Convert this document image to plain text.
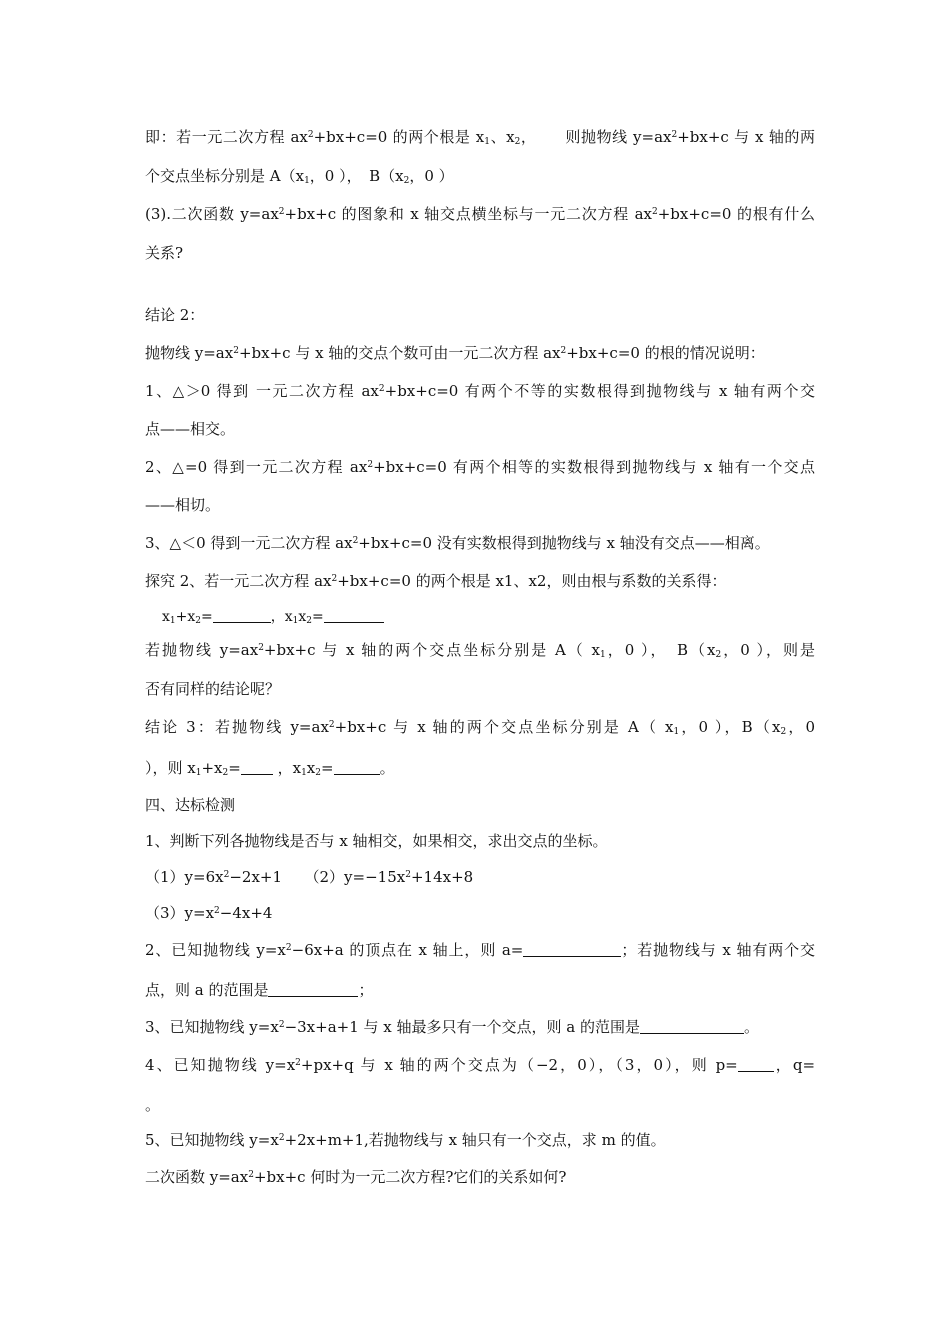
即：若一元二次方程 $ax^2+bx+c=0$ 的两个根是 $x_1$、$x_2$，　　 则抛物线 $y=ax^2+bx+c$ 与 x 轴的两
个交点坐标分别是 $A(x_1$，0 ），　$B(x_2$，0 ）
(3).二次函数 $y=ax^2+bx+c$ 的图象和 x 轴交点横坐标与一元二次方程 $ax^2+bx+c=0$ 的根有什么
关系?
结论 2：
抛物线 $y=ax^2+bx+c$ 与 x 轴的交点个数可由一元二次方程 $ax^2+bx+c=0$ 的根的情况说明：
1、△＞0 得到 一元二次方程 $ax^2+bx+c=0$ 有两个不等的实数根得到抛物线与 x 轴有两个交
点——相交。
2、△=0 得到一元二次方程 $ax^2+bx+c=0$ 有两个相等的实数根得到抛物线与 x 轴有一个交点
——相切。
3、△＜0 得到一元二次方程 $ax^2+bx+c=0$ 没有实数根得到抛物线与 x 轴没有交点——相离。
探究 2、若一元二次方程 $ax^2+bx+c=0$ 的两个根是 x1、x2，则由根与系数的关系得：
$x_1+x_2=$	，$x_1x_2=$
若抛物线 $y=ax^2+bx+c$ 与 x 轴的两个交点坐标分别是 A（ $x_1$，0 ），　$B(x_2$，0 ），则是
否有同样的结论呢？
结论 3：若抛物线 $y=ax^2+bx+c$ 与 x 轴的两个交点坐标分别是 A（ $x_1$，0 ），$B(x_2$，0
），则 $x_1+x_2=$ ，$x_1x_2=$	。
四、达标检测
1、判断下列各抛物线是否与 x 轴相交，如果相交，求出交点的坐标。
$(1)y=6x^2-2x+1$　　$(2)y=-15x^2+14x+8$
$(3)y=x^2-4x+4$
2、已知抛物线 $y=x^2-6x+a$ 的顶点在 x 轴上，则 a=	；若抛物线与 x 轴有两个交
点，则 a 的范围是	；
3、已知抛物线 $y=x^2-3x+a+1$ 与 x 轴最多只有一个交点，则 a 的范围是	。
4、已知抛物线 $y=x^2+px+q$ 与 x 轴的两个交点为（−2，0），（3，0），则 p= ，q=
。
5、已知抛物线 $y=x^2+2x+m+1$,若抛物线与 x 轴只有一个交点，求 m 的值。
二次函数 $y=ax^2+bx+c$ 何时为一元二次方程?它们的关系如何?
